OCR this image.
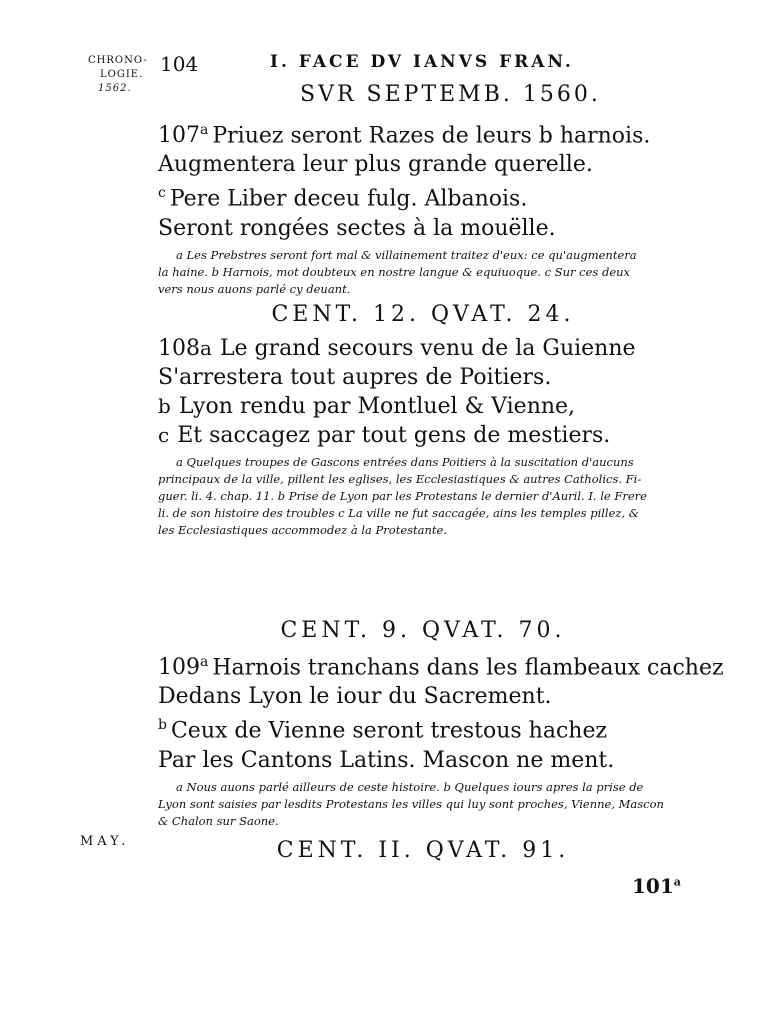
CHRONO-
LOGIE.
1562.
104	I. FACE DV IANVS FRAN.
SVR SEPTEMB. 1560.
107$^a$ Priuez seront Razes de leurs b harnois.
Augmentera leur plus grande querelle.
$^c$ Pere Liber deceu fulg. Albanois.
Seront rongées sectes à la mouëlle.
a Les Prebstres seront fort mal & villainement traitez d'eux: ce qu'augmentera
la haine. b Harnois, mot doubteux en nostre langue & equiuoque. c Sur ces deux
vers nous auons parlé cy deuant.
CENT. 12. QVAT. 24.
108a Le grand secours venu de la Guienne
S'arrestera tout aupres de Poitiers.
b Lyon rendu par Montluel & Vienne,
c Et saccagez par tout gens de mestiers.
a Quelques troupes de Gascons entrées dans Poitiers à la suscitation d'aucuns
principaux de la ville, pillent les eglises, les Ecclesiastiques & autres Catholics. Fi-
guer. li. 4. chap. 11. b Prise de Lyon par les Protestans le dernier d'Auril. I. le Frere
li. de son histoire des troubles c La ville ne fut saccagée, ains les temples pillez, &
les Ecclesiastiques accommodez à la Protestante.
CENT. 9. QVAT. 70.
109$^a$ Harnois tranchans dans les flambeaux cachez
Dedans Lyon le iour du Sacrement.
$^b$ Ceux de Vienne seront trestous hachez
Par les Cantons Latins. Mascon ne ment.
a Nous auons parlé ailleurs de ceste histoire. b Quelques iours apres la prise de
Lyon sont saisies par lesdits Protestans les villes qui luy sont proches, Vienne, Mascon
& Chalon sur Saone.
MAY.	CENT. II. QVAT. 91.
101$^a$
